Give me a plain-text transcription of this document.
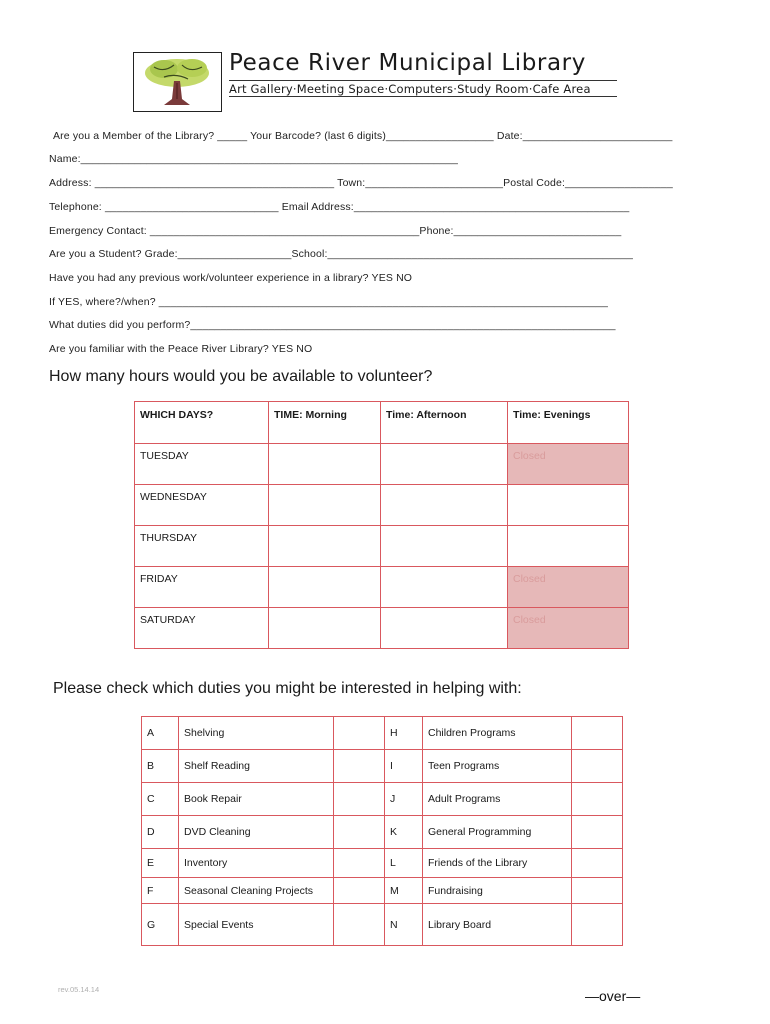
Peace River Municipal Library
Art Gallery·Meeting Space·Computers·Study Room·Cafe Area
Are you a Member of the Library? _____ Your Barcode? (last 6 digits)__________________ Date:_________________________
Name:_______________________________________________________________
Address: ________________________________________ Town:_______________________Postal Code:__________________
Telephone: _____________________________ Email Address:______________________________________________
Emergency Contact: _____________________________________________Phone:____________________________
Are you a Student? Grade:___________________School:___________________________________________________
Have you had any previous work/volunteer experience in a library? YES NO
If YES, where?/when? ___________________________________________________________________________
What duties did you perform?_______________________________________________________________________
Are you familiar with the Peace River Library? YES NO
How many hours would you be available to volunteer?
WHICH DAYS?	TIME: Morning	Time: Afternoon	Time: Evenings
TUESDAY			Closed
WEDNESDAY			
THURSDAY			
FRIDAY			Closed
SATURDAY			Closed
Please check which duties you might be interested in helping with:
A	Shelving		H	Children Programs	
B	Shelf Reading		I	Teen Programs	
C	Book Repair		J	Adult Programs	
D	DVD Cleaning		K	General Programming	
E	Inventory		L	Friends of the Library	
F	Seasonal Cleaning Projects		M	Fundraising	
G	Special Events		N	Library Board	
rev.05.14.14	—over—
